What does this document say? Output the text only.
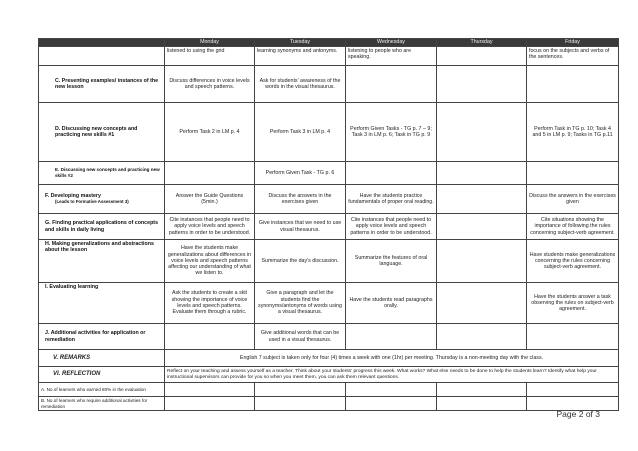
	Monday	Tuesday	Wednesday	Thursday	Friday
	listened to using the grid	learning synonyms and antonyms.	listening to people who are speaking.		focus on the subjects and verbs of the sentences.

C. Presenting examples/ instances of the new lesson	Discuss differences in voice levels and speech patterns.	Ask for students' awareness of the words in the visual thesaurus.			

D. Discussing new concepts and practicing new skills #1	Perform Task 2 in LM p. 4	Perform Task 3 in LM p. 4	Perform Given Tasks - TG p. 7 – 9; Task 3 in LM p. 6; Task in TG p. 9		Perform Task in TG p. 10; Task 4 and 5 in LM p. 9; Tasks in TG p.11

E. Discussing new concepts and practicing new skills #2		Perform Given Task - TG p. 6			

F. Developing mastery
(Leads to Formative Assessment 3)	Answer the Guide Questions (5min.)	Discuss the answers in the exercises given	Have the students practice fundamentals of proper oral reading.		Discuss the answers in the exercises given

G. Finding practical applications of concepts and skills in daily living	Cite instances that people need to apply voice levels and speech patterns in order to be understood.	Give instances that we need to use visual thesaurus.	Cite instances that people need to apply voice levels and speech patterns in order to be understood.		Cite situations showing the importance of following the rules concerning subject-verb agreement.

H. Making generalizations and abstractions about the lesson	Have the students make generalizations about differences in voice levels and speech patterns affecting our understanding of what we listen to.	Summarize the day's discussion.	Summarize the features of oral language.		Have students make generalizations concerning the rules concerning subject-verb agreement.

I. Evaluating learning	Ask the students to create a skit showing the importance of voice levels and speech patterns. Evaluate them through a rubric.	Give a paragraph and let the students find the synonyms/antonyms of words using a visual thesaurus.	Have the students read paragraphs orally.		Have the students answer a task observing the rules on subject-verb agreement.

J. Additional activities for application or remediation		Give additional words that can be used in a visual thesaurus.			
V. REMARKS	English 7 subject is taken only for four (4) times a week with one (1hr) per meeting. Thursday is a non-meeting day with the class.				
VI. REFLECTION	Reflect on your teaching and assess yourself as a teacher. Think about your students' progress this week. What works? What else needs to be done to help the students learn? Identify what help your instructional supervisors can provide for you so when you meet them, you can ask them relevant questions.				
A. No.of learners who earned 80% in the evaluation					
B. No.of learners who require additional activities for remediation					
Page 2 of 3
